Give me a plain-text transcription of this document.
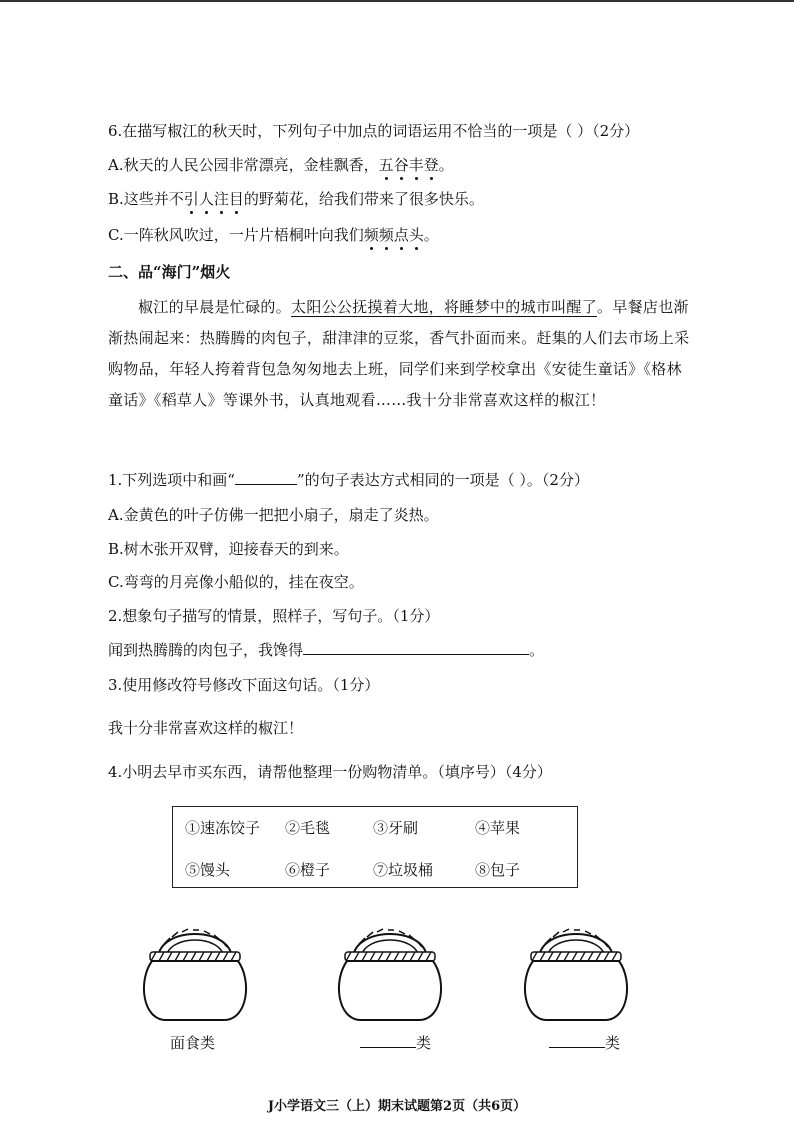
6.在描写椒江的秋天时，下列句子中加点的词语运用不恰当的一项是（ ）（2分）
A.秋天的人民公园非常漂亮，金桂飘香，五谷丰登。
B.这些并不引人注目的野菊花，给我们带来了很多快乐。
C.一阵秋风吹过，一片片梧桐叶向我们频频点头。
二、品“海门”烟火
椒江的早晨是忙碌的。太阳公公抚摸着大地，将睡梦中的城市叫醒了。早餐店也渐渐热闹起来：热腾腾的肉包子，甜津津的豆浆，香气扑面而来。赶集的人们去市场上采购物品，年轻人挎着背包急匆匆地去上班，同学们来到学校拿出《安徒生童话》《格林童话》《稻草人》等课外书，认真地观看……我十分非常喜欢这样的椒江！
1.下列选项中和画“	”的句子表达方式相同的一项是（ ）。（2分）
A.金黄色的叶子仿佛一把把小扇子，扇走了炎热。
B.树木张开双臂，迎接春天的到来。
C.弯弯的月亮像小船似的，挂在夜空。
2.想象句子描写的情景，照样子，写句子。（1分）
闻到热腾腾的肉包子，我馋得	。
3.使用修改符号修改下面这句话。（1分）
我十分非常喜欢这样的椒江！
4.小明去早市买东西，请帮他整理一份购物清单。（填序号）（4分）
①速冻饺子 ②毛毯	③牙刷	④苹果
⑤馒头	⑥橙子	⑦垃圾桶	⑧包子
面食类	类	类
J小学语文三（上）期末试题第2页（共6页）
